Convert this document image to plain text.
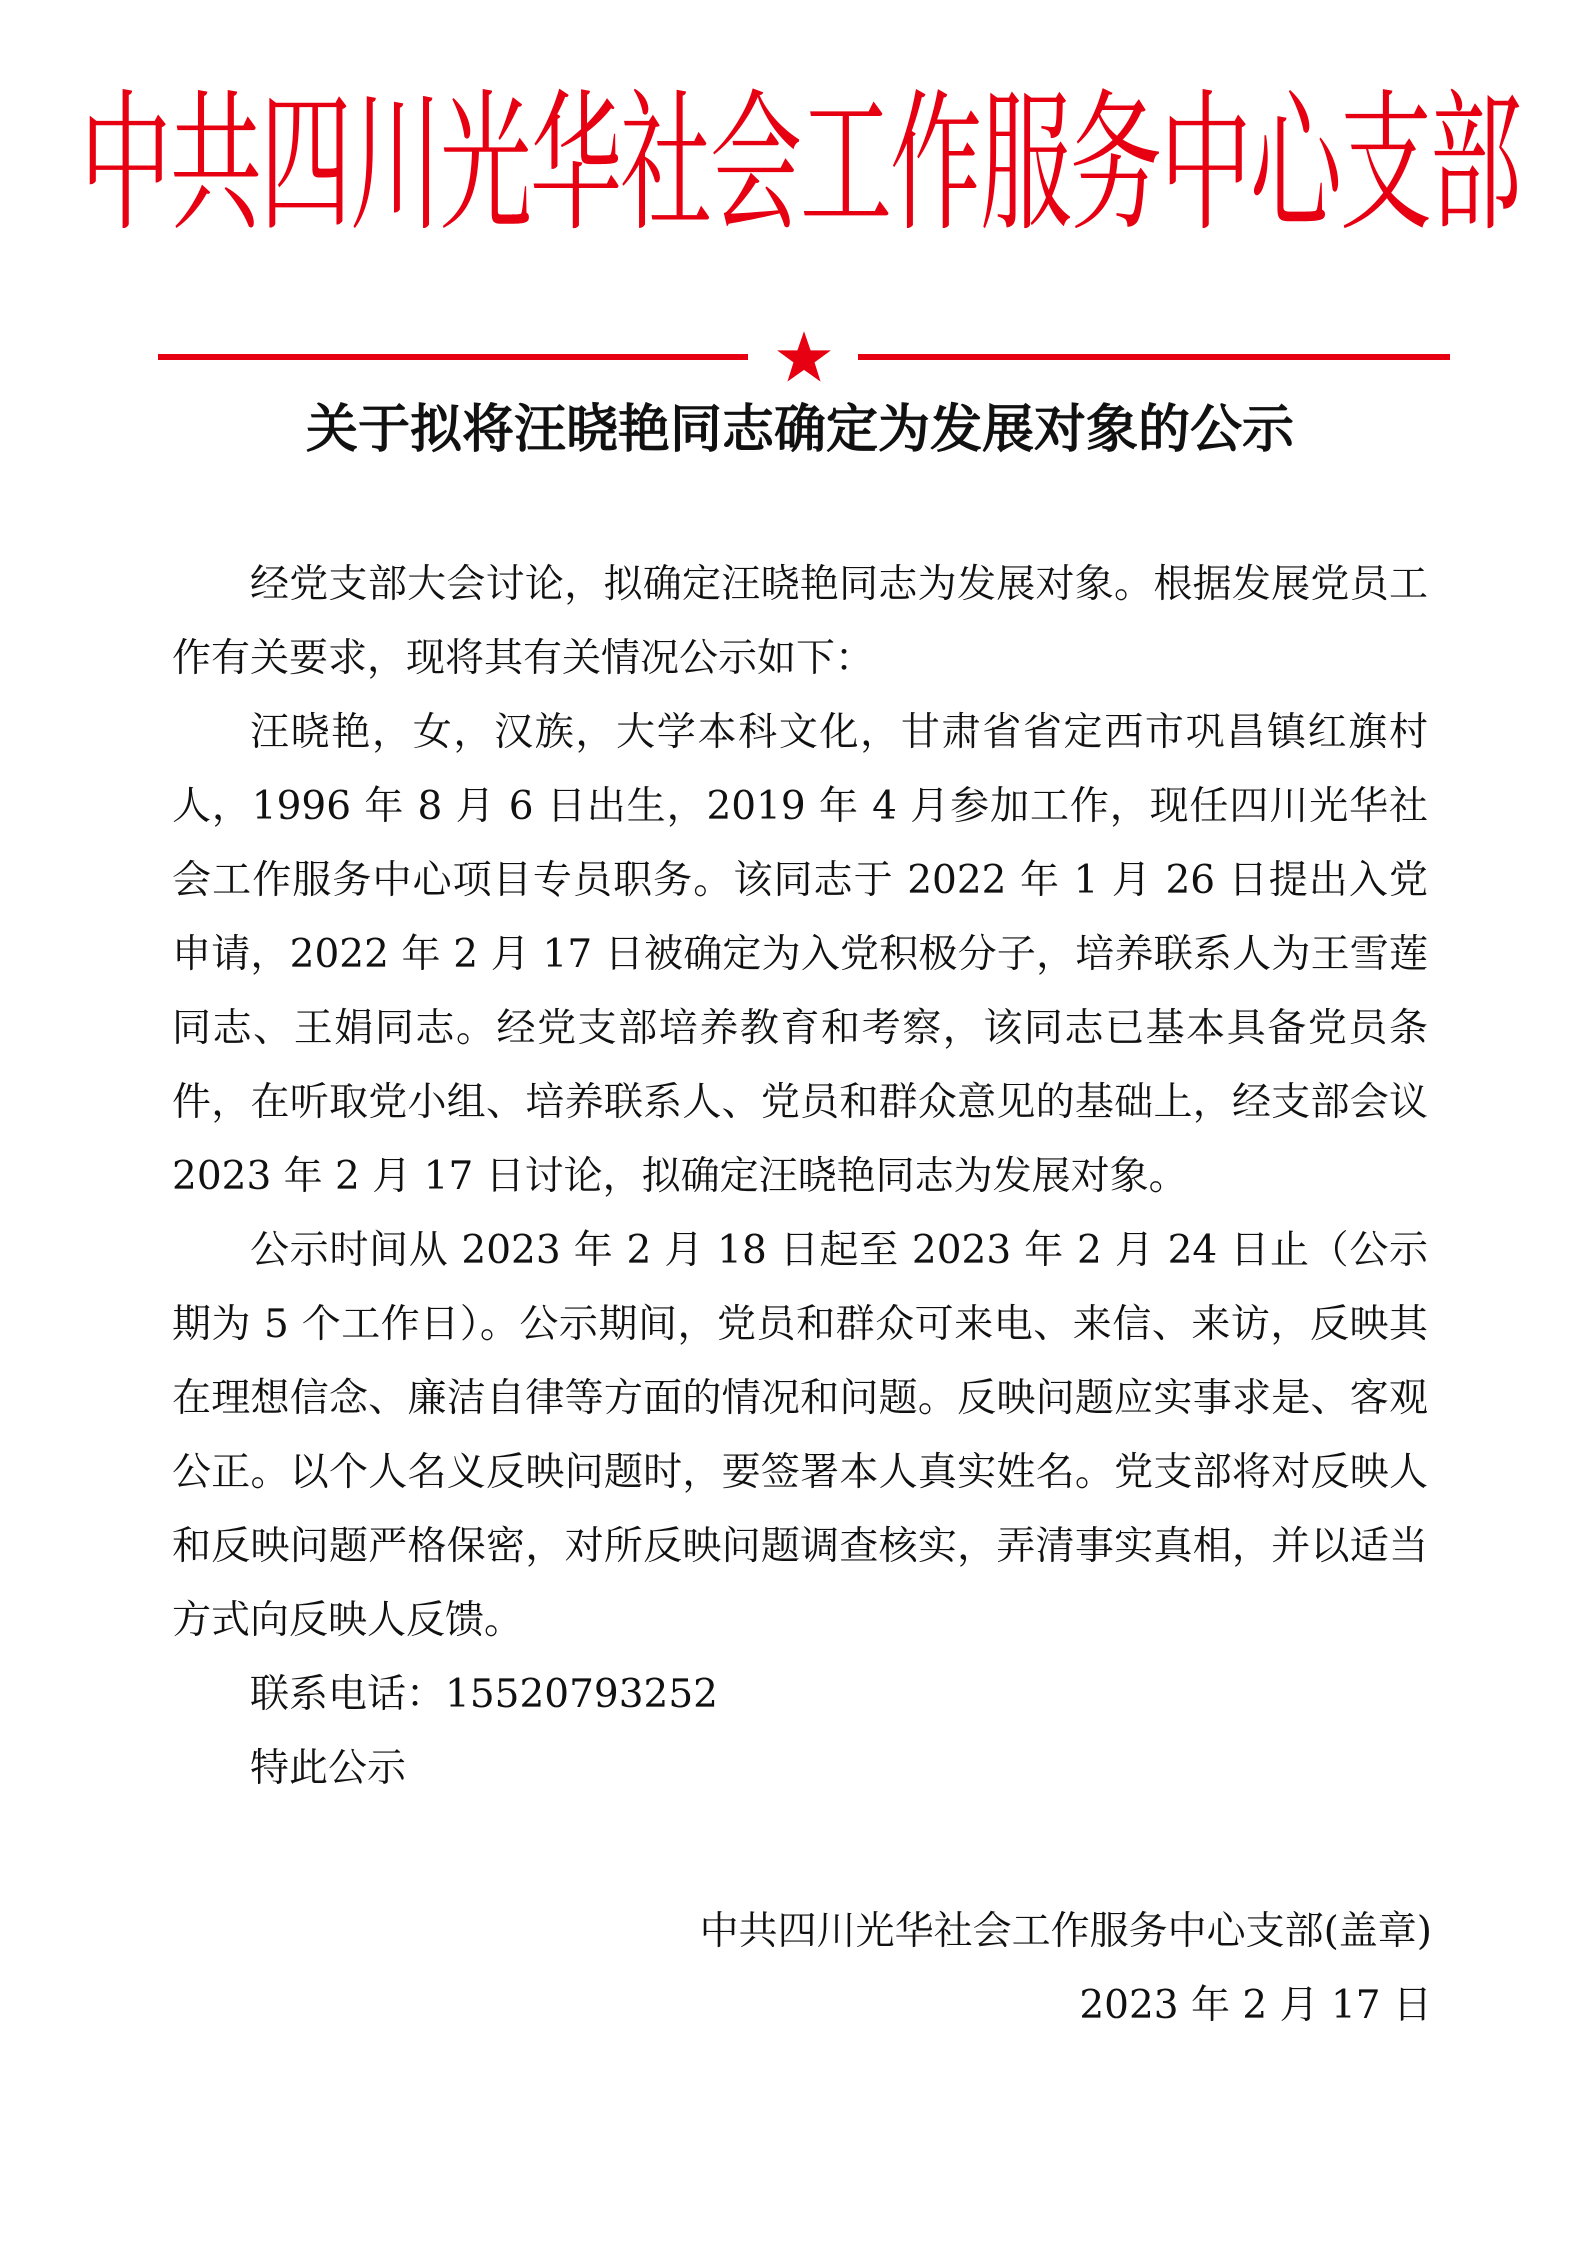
中共四川光华社会工作服务中心支部
关于拟将汪晓艳同志确定为发展对象的公示

经党支部大会讨论，拟确定汪晓艳同志为发展对象。根据发展党员工作有关要求，现将其有关情况公示如下：

汪晓艳，女，汉族，大学本科文化，甘肃省省定西市巩昌镇红旗村人，1996 年 8 月 6 日出生，2019 年 4 月参加工作，现任四川光华社会工作服务中心项目专员职务。该同志于 2022 年 1 月 26 日提出入党申请，2022 年 2 月 17 日被确定为入党积极分子，培养联系人为王雪莲同志、王娟同志。经党支部培养教育和考察，该同志已基本具备党员条件，在听取党小组、培养联系人、党员和群众意见的基础上，经支部会议 2023 年 2 月 17 日讨论，拟确定汪晓艳同志为发展对象。

公示时间从 2023 年 2 月 18 日起至 2023 年 2 月 24 日止（公示期为 5 个工作日）。公示期间，党员和群众可来电、来信、来访，反映其在理想信念、廉洁自律等方面的情况和问题。反映问题应实事求是、客观公正。以个人名义反映问题时，要签署本人真实姓名。党支部将对反映人和反映问题严格保密，对所反映问题调查核实，弄清事实真相，并以适当方式向反映人反馈。

联系电话：15520793252

特此公示

中共四川光华社会工作服务中心支部(盖章)
2023 年 2 月 17 日
